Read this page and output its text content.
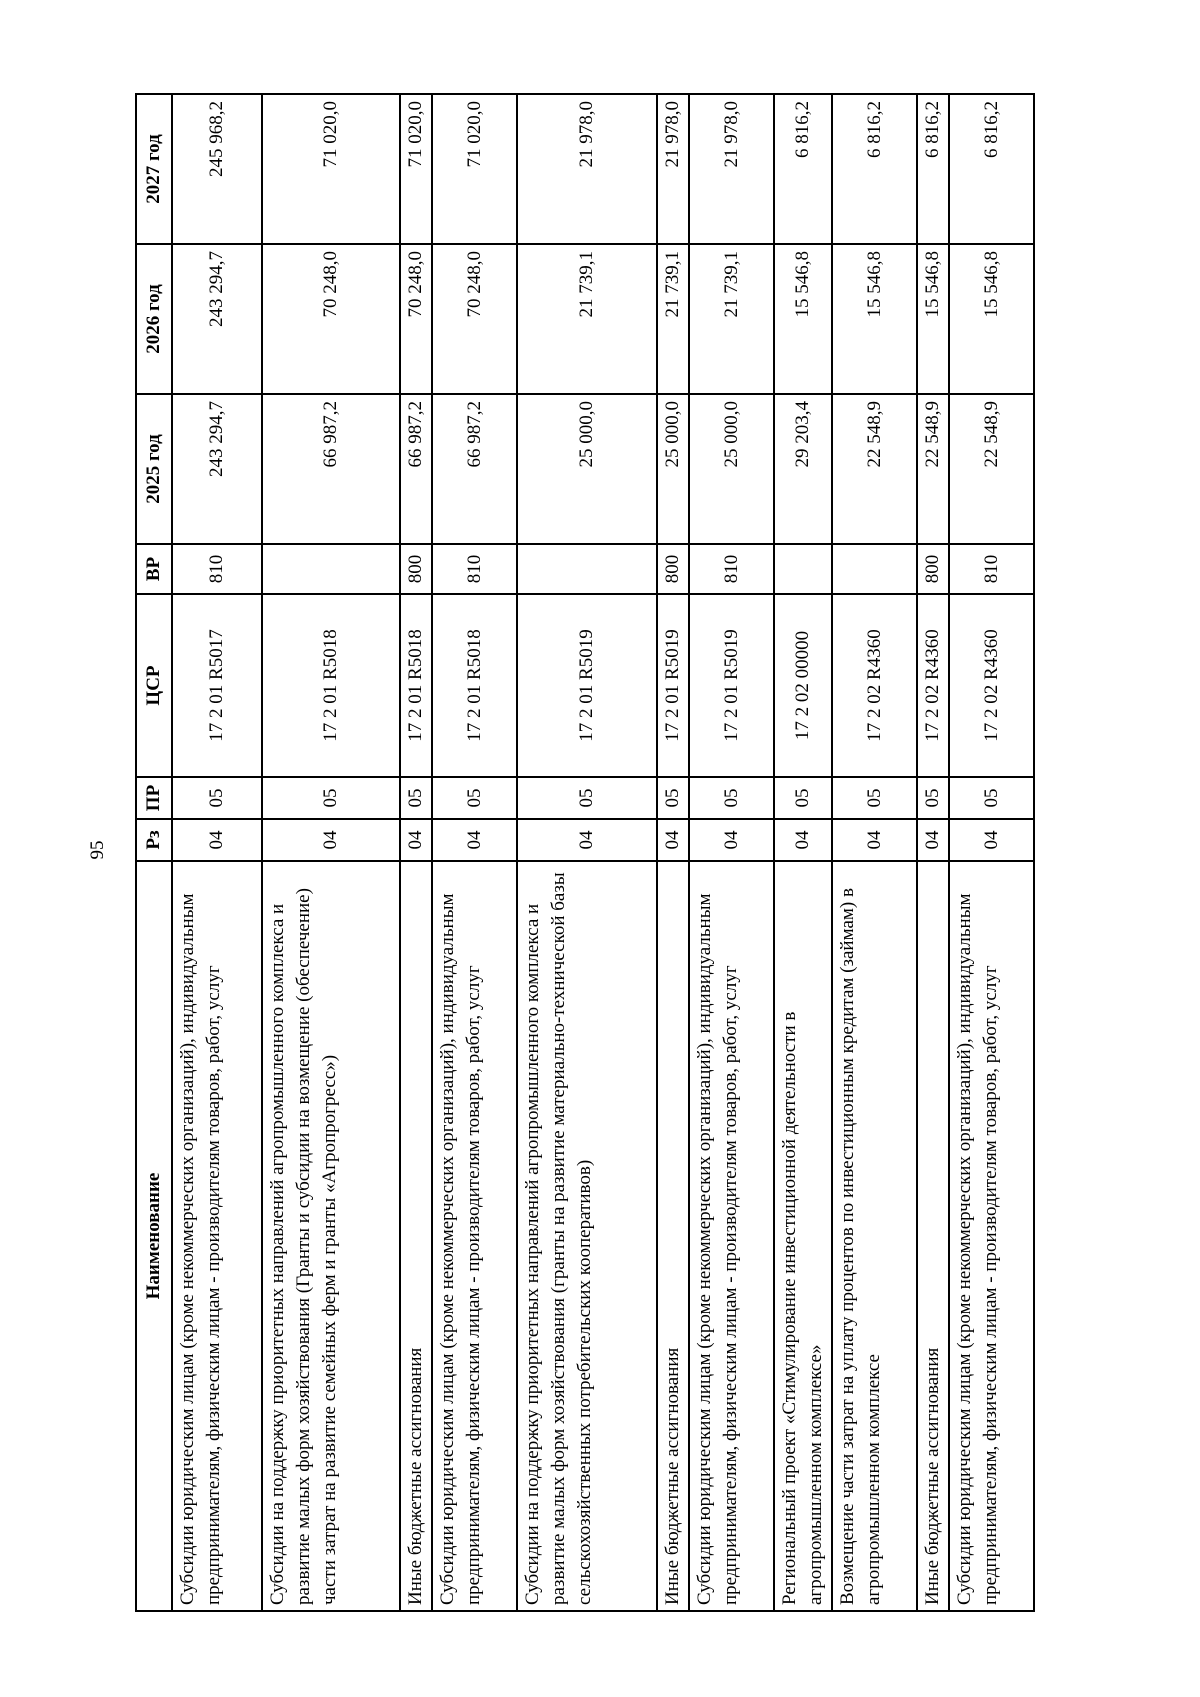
95
Наименование	Рз	ПР	ЦСР	ВР	2025 год	2026 год	2027 год
Субсидии юридическим лицам (кроме некоммерческих организаций), индивидуальным предпринимателям, физическим лицам - производителям товаров, работ, услуг	04	05	17 2 01 R5017	810	243 294,7	243 294,7	245 968,2
Субсидии на поддержку приоритетных направлений агропромышленного комплекса и развитие малых форм хозяйствования (Гранты и субсидии на возмещение (обеспечение) части затрат на развитие семейных ферм и гранты «Агропрогресс»)	04	05	17 2 01 R5018		66 987,2	70 248,0	71 020,0
Иные бюджетные ассигнования	04	05	17 2 01 R5018	800	66 987,2	70 248,0	71 020,0
Субсидии юридическим лицам (кроме некоммерческих организаций), индивидуальным предпринимателям, физическим лицам - производителям товаров, работ, услуг	04	05	17 2 01 R5018	810	66 987,2	70 248,0	71 020,0
Субсидии на поддержку приоритетных направлений агропромышленного комплекса и развитие малых форм хозяйствования (гранты на развитие материально-технической базы сельскохозяйственных потребительских кооперативов)	04	05	17 2 01 R5019		25 000,0	21 739,1	21 978,0
Иные бюджетные ассигнования	04	05	17 2 01 R5019	800	25 000,0	21 739,1	21 978,0
Субсидии юридическим лицам (кроме некоммерческих организаций), индивидуальным предпринимателям, физическим лицам - производителям товаров, работ, услуг	04	05	17 2 01 R5019	810	25 000,0	21 739,1	21 978,0
Региональный проект «Стимулирование инвестиционной деятельности в агропромышленном комплексе»	04	05	17 2 02 00000		29 203,4	15 546,8	6 816,2
Возмещение части затрат на уплату процентов по инвестиционным кредитам (займам) в агропромышленном комплексе	04	05	17 2 02 R4360		22 548,9	15 546,8	6 816,2
Иные бюджетные ассигнования	04	05	17 2 02 R4360	800	22 548,9	15 546,8	6 816,2
Субсидии юридическим лицам (кроме некоммерческих организаций), индивидуальным предпринимателям, физическим лицам - производителям товаров, работ, услуг	04	05	17 2 02 R4360	810	22 548,9	15 546,8	6 816,2
